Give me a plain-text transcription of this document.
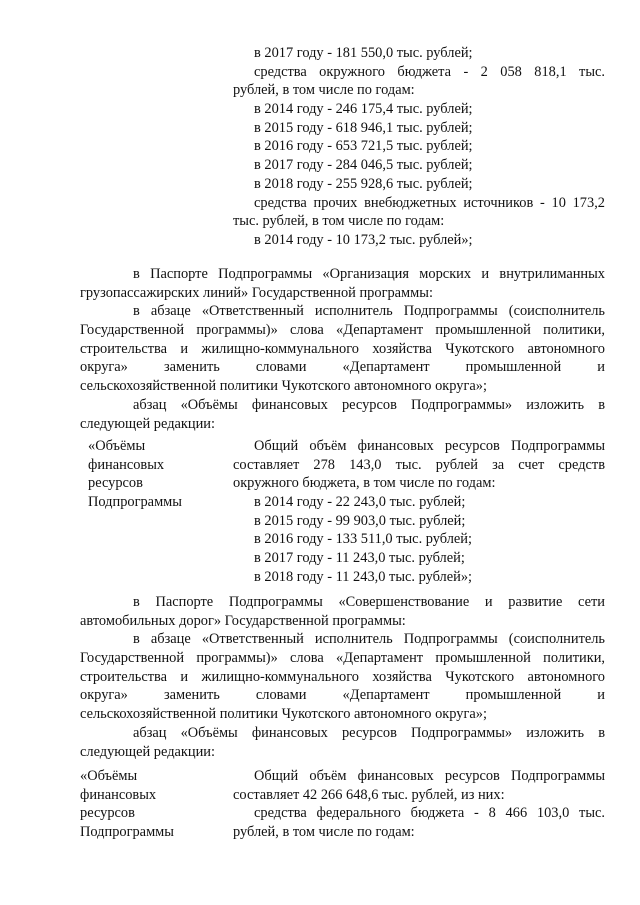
в 2017 году - 181 550,0 тыс. рублей;
средства окружного бюджета - 2 058 818,1 тыс.
рублей, в том числе по годам:
в 2014 году - 246 175,4 тыс. рублей;
в 2015 году - 618 946,1 тыс. рублей;
в 2016 году - 653 721,5 тыс. рублей;
в 2017 году - 284 046,5 тыс. рублей;
в 2018 году - 255 928,6 тыс. рублей;
средства прочих внебюджетных источников - 10 173,2
тыс. рублей, в том числе по годам:
в 2014 году - 10 173,2 тыс. рублей»;
в Паспорте Подпрограммы «Организация морских и внутрилиманных
грузопассажирских линий» Государственной программы:
в абзаце «Ответственный исполнитель Подпрограммы (соисполнитель
Государственной программы)» слова «Департамент промышленной политики,
строительства и жилищно-коммунального хозяйства Чукотского автономного
округа» заменить словами «Департамент промышленной и
сельскохозяйственной политики Чукотского автономного округа»;
абзац «Объёмы финансовых ресурсов Подпрограммы» изложить в
следующей редакции:
«Объёмы
финансовых
ресурсов
Подпрограммы
Общий объём финансовых ресурсов Подпрограммы
составляет 278 143,0 тыс. рублей за счет средств
окружного бюджета, в том числе по годам:
в 2014 году - 22 243,0 тыс. рублей;
в 2015 году - 99 903,0 тыс. рублей;
в 2016 году - 133 511,0 тыс. рублей;
в 2017 году - 11 243,0 тыс. рублей;
в 2018 году - 11 243,0 тыс. рублей»;
в Паспорте Подпрограммы «Совершенствование и развитие сети
автомобильных дорог» Государственной программы:
в абзаце «Ответственный исполнитель Подпрограммы (соисполнитель
Государственной программы)» слова «Департамент промышленной политики,
строительства и жилищно-коммунального хозяйства Чукотского автономного
округа» заменить словами «Департамент промышленной и
сельскохозяйственной политики Чукотского автономного округа»;
абзац «Объёмы финансовых ресурсов Подпрограммы» изложить в
следующей редакции:
«Объёмы
финансовых
ресурсов
Подпрограммы
Общий объём финансовых ресурсов Подпрограммы
составляет 42 266 648,6 тыс. рублей, из них:
средства федерального бюджета - 8 466 103,0 тыс.
рублей, в том числе по годам:
